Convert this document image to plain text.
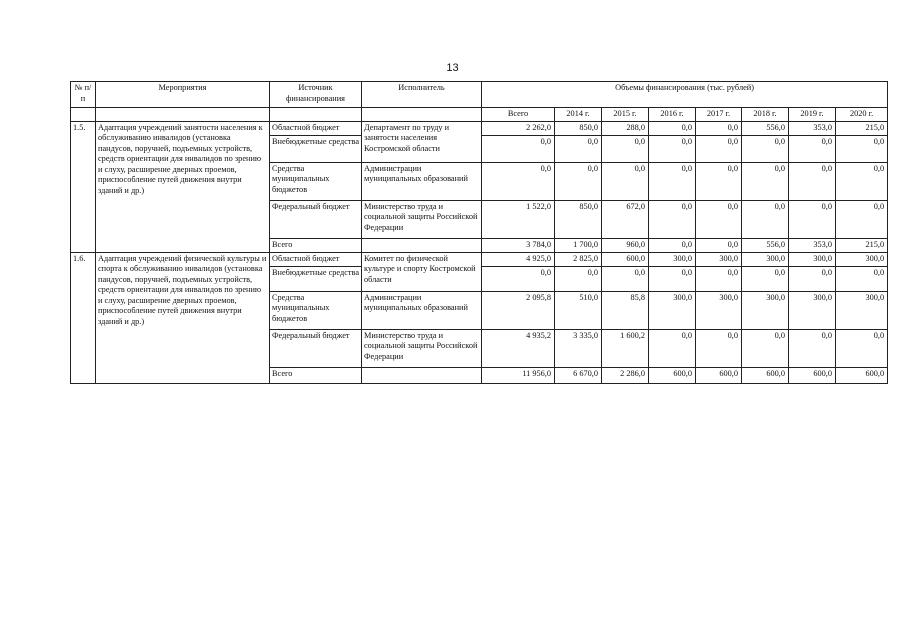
13
№ п/п	Мероприятия	Источник финансирования	Исполнитель	Объемы финансирования (тыс. рублей)							
				Всего	2014 г.	2015 г.	2016 г.	2017 г.	2018 г.	2019 г.	2020 г.
1.5.	Адаптация учреждений занятости населения к обслуживанию инвалидов (установка пандусов, поручней, подъемных устройств, средств ориентации для инвалидов по зрению и слуху, расширение дверных проемов, приспособление путей движения внутри зданий и др.)	Областной бюджет	Департамент по труду и занятости населения Костромской области	2 262,0	850,0	288,0	0,0	0,0	556,0	353,0	215,0
		Внебюджетные средства		0,0	0,0	0,0	0,0	0,0	0,0	0,0	0,0
		Средства муниципальных бюджетов	Администрации муниципальных образований	0,0	0,0	0,0	0,0	0,0	0,0	0,0	0,0
		Федеральный бюджет	Министерство труда и социальной защиты Российской Федерации	1 522,0	850,0	672,0	0,0	0,0	0,0	0,0	0,0
		Всего		3 784,0	1 700,0	960,0	0,0	0,0	556,0	353,0	215,0
1.6.	Адаптация учреждений физической культуры и спорта к обслуживанию инвалидов (установка пандусов, поручней, подъемных устройств, средств ориентации для инвалидов по зрению и слуху, расширение дверных проемов, приспособление путей движения внутри зданий и др.)	Областной бюджет	Комитет по физической культуре и спорту Костромской области	4 925,0	2 825,0	600,0	300,0	300,0	300,0	300,0	300,0
		Внебюджетные средства		0,0	0,0	0,0	0,0	0,0	0,0	0,0	0,0
		Средства муниципальных бюджетов	Администрации муниципальных образований	2 095,8	510,0	85,8	300,0	300,0	300,0	300,0	300,0
		Федеральный бюджет	Министерство труда и социальной защиты Российской Федерации	4 935,2	3 335,0	1 600,2	0,0	0,0	0,0	0,0	0,0
		Всего		11 956,0	6 670,0	2 286,0	600,0	600,0	600,0	600,0	600,0
